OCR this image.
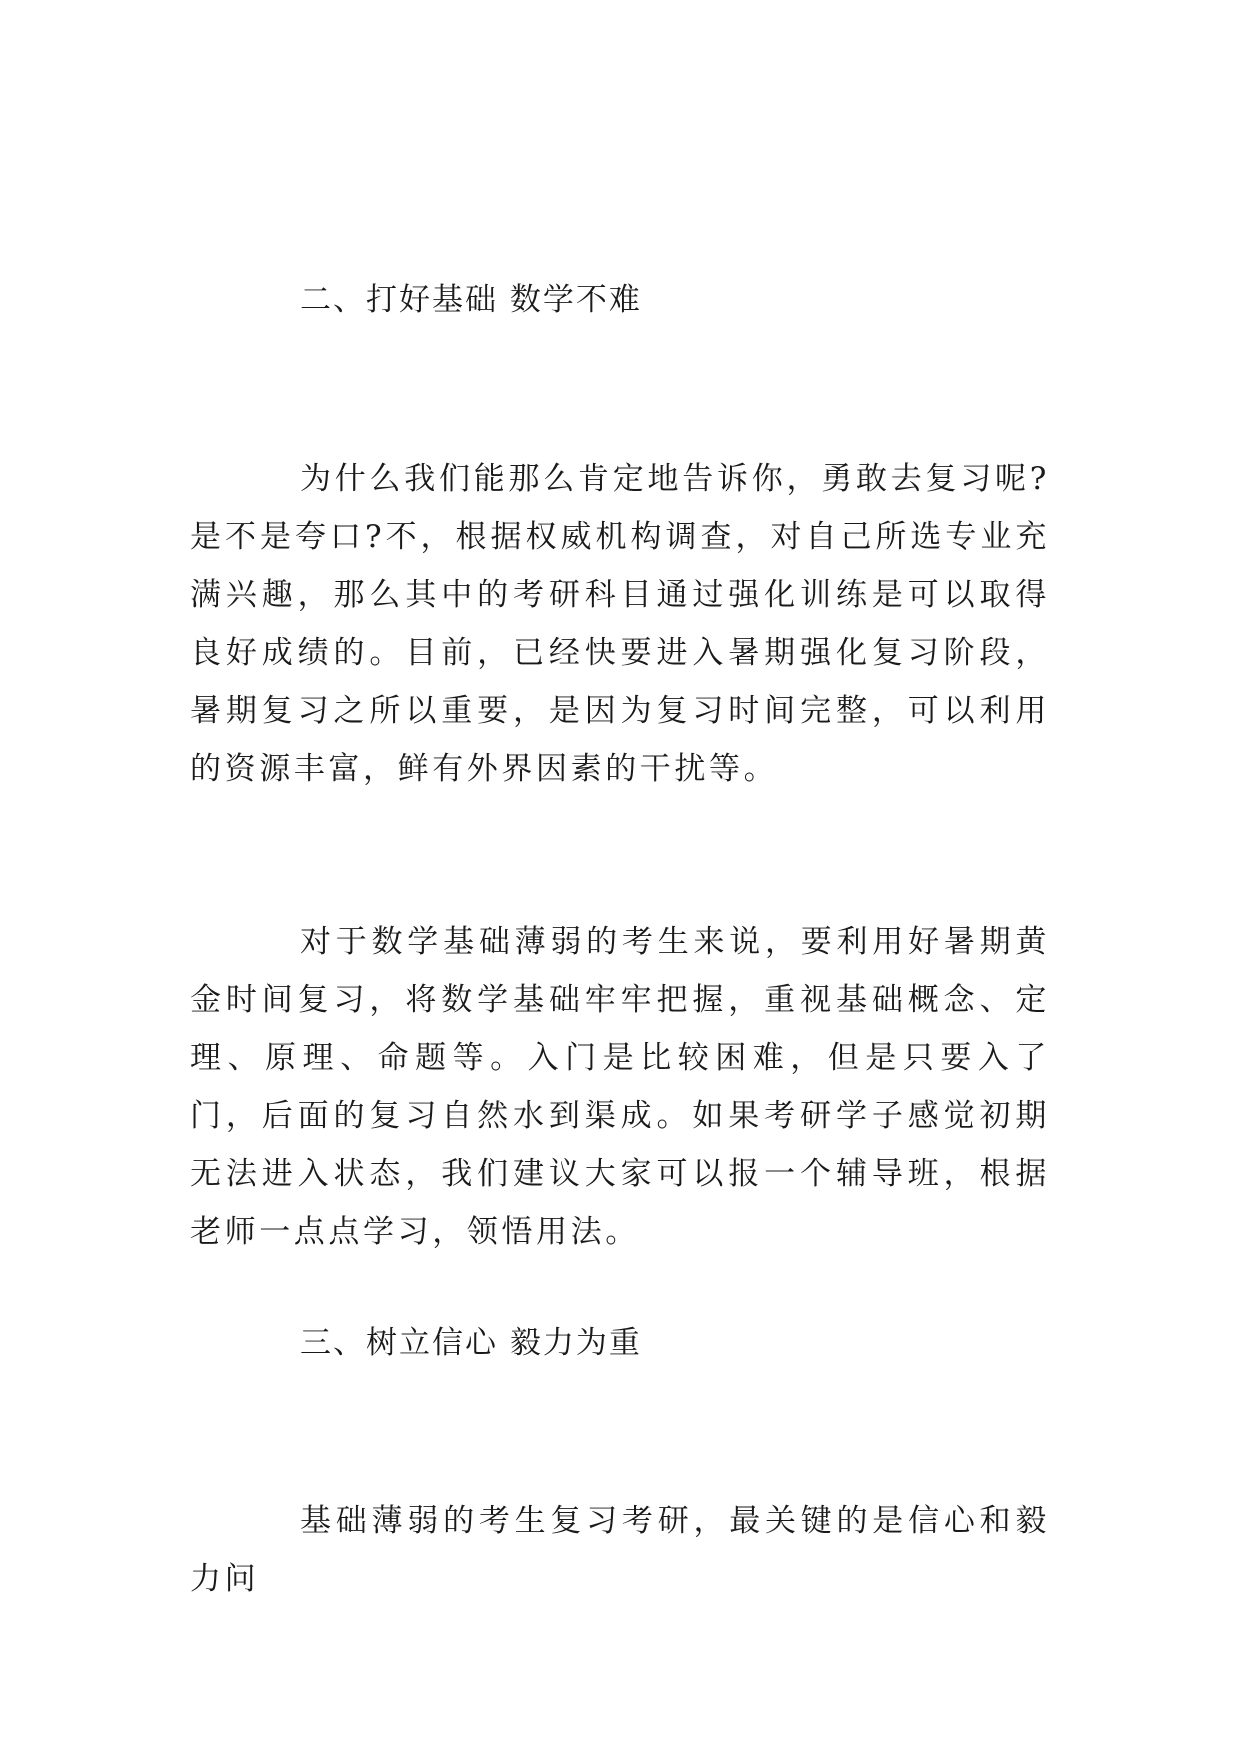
二、打好基础 数学不难

为什么我们能那么肯定地告诉你，勇敢去复习呢?是不是夸口?不，根据权威机构调查，对自己所选专业充满兴趣，那么其中的考研科目通过强化训练是可以取得良好成绩的。目前，已经快要进入暑期强化复习阶段，暑期复习之所以重要，是因为复习时间完整，可以利用的资源丰富，鲜有外界因素的干扰等。

对于数学基础薄弱的考生来说，要利用好暑期黄金时间复习，将数学基础牢牢把握，重视基础概念、定理、原理、命题等。入门是比较困难，但是只要入了门，后面的复习自然水到渠成。如果考研学子感觉初期无法进入状态，我们建议大家可以报一个辅导班，根据老师一点点学习，领悟用法。

三、树立信心 毅力为重

基础薄弱的考生复习考研，最关键的是信心和毅力问
